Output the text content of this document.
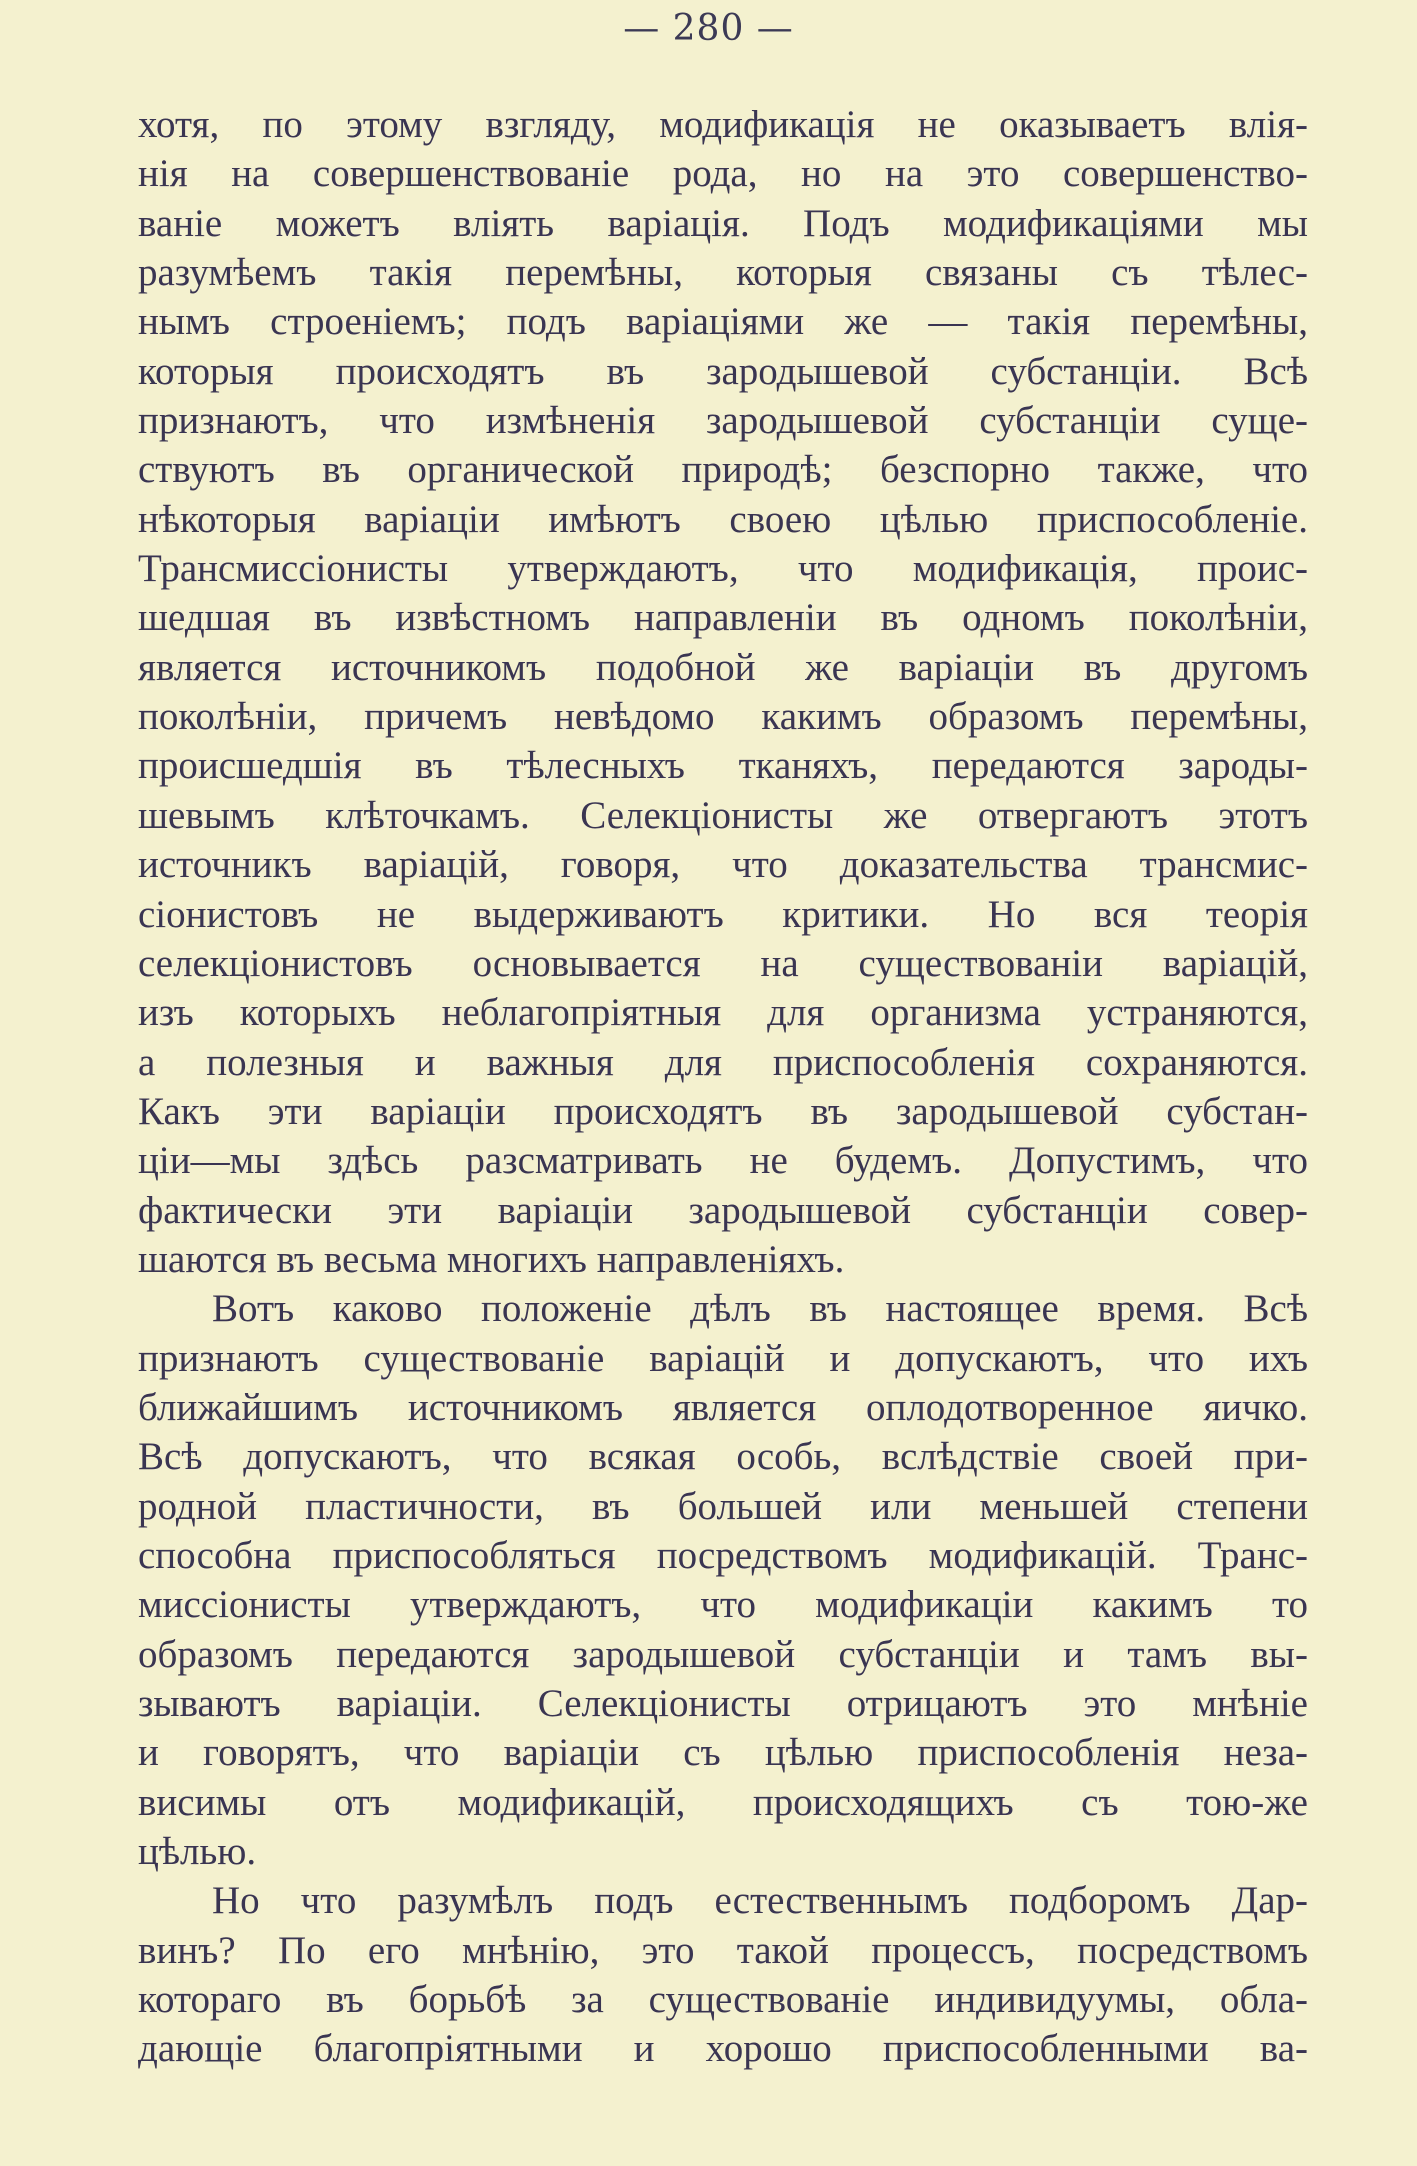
— 280 —
хотя, по этому взгляду, модификація не оказываетъ влія-
нія на совершенствованіе рода, но на это совершенство-
ваніе можетъ вліять варіація. Подъ модификаціями мы
разумѣемъ такія перемѣны, которыя связаны съ тѣлес-
нымъ строеніемъ; подъ варіаціями же — такія перемѣны,
которыя происходятъ въ зародышевой субстанціи. Всѣ
признаютъ, что измѣненія зародышевой субстанціи суще-
ствуютъ въ органической природѣ; безспорно также, что
нѣкоторыя варіаціи имѣютъ своею цѣлью приспособленіе.
Трансмиссіонисты утверждаютъ, что модификація, проис-
шедшая въ извѣстномъ направленіи въ одномъ поколѣніи,
является источникомъ подобной же варіаціи въ другомъ
поколѣніи, причемъ невѣдомо какимъ образомъ перемѣны,
происшедшія въ тѣлесныхъ тканяхъ, передаются зароды-
шевымъ клѣточкамъ. Селекціонисты же отвергаютъ этотъ
источникъ варіацій, говоря, что доказательства трансмис-
сіонистовъ не выдерживаютъ критики. Но вся теорія
селекціонистовъ основывается на существованіи варіацій,
изъ которыхъ неблагопріятныя для организма устраняются,
а полезныя и важныя для приспособленія сохраняются.
Какъ эти варіаціи происходятъ въ зародышевой субстан-
ціи—мы здѣсь разсматривать не будемъ. Допустимъ, что
фактически эти варіаціи зародышевой субстанціи совер-
шаются въ весьма многихъ направленіяхъ.
Вотъ каково положеніе дѣлъ въ настоящее время. Всѣ
признаютъ существованіе варіацій и допускаютъ, что ихъ
ближайшимъ источникомъ является оплодотворенное яичко.
Всѣ допускаютъ, что всякая особь, вслѣдствіе своей при-
родной пластичности, въ большей или меньшей степени
способна приспособляться посредствомъ модификацій. Транс-
миссіонисты утверждаютъ, что модификаціи какимъ то
образомъ передаются зародышевой субстанціи и тамъ вы-
зываютъ варіаціи. Селекціонисты отрицаютъ это мнѣніе
и говорятъ, что варіаціи съ цѣлью приспособленія неза-
висимы отъ модификацій, происходящихъ съ тою-же
цѣлью.
Но что разумѣлъ подъ естественнымъ подборомъ Дар-
винъ? По его мнѣнію, это такой процессъ, посредствомъ
котораго въ борьбѣ за существованіе индивидуумы, обла-
дающіе благопріятными и хорошо приспособленными ва-
